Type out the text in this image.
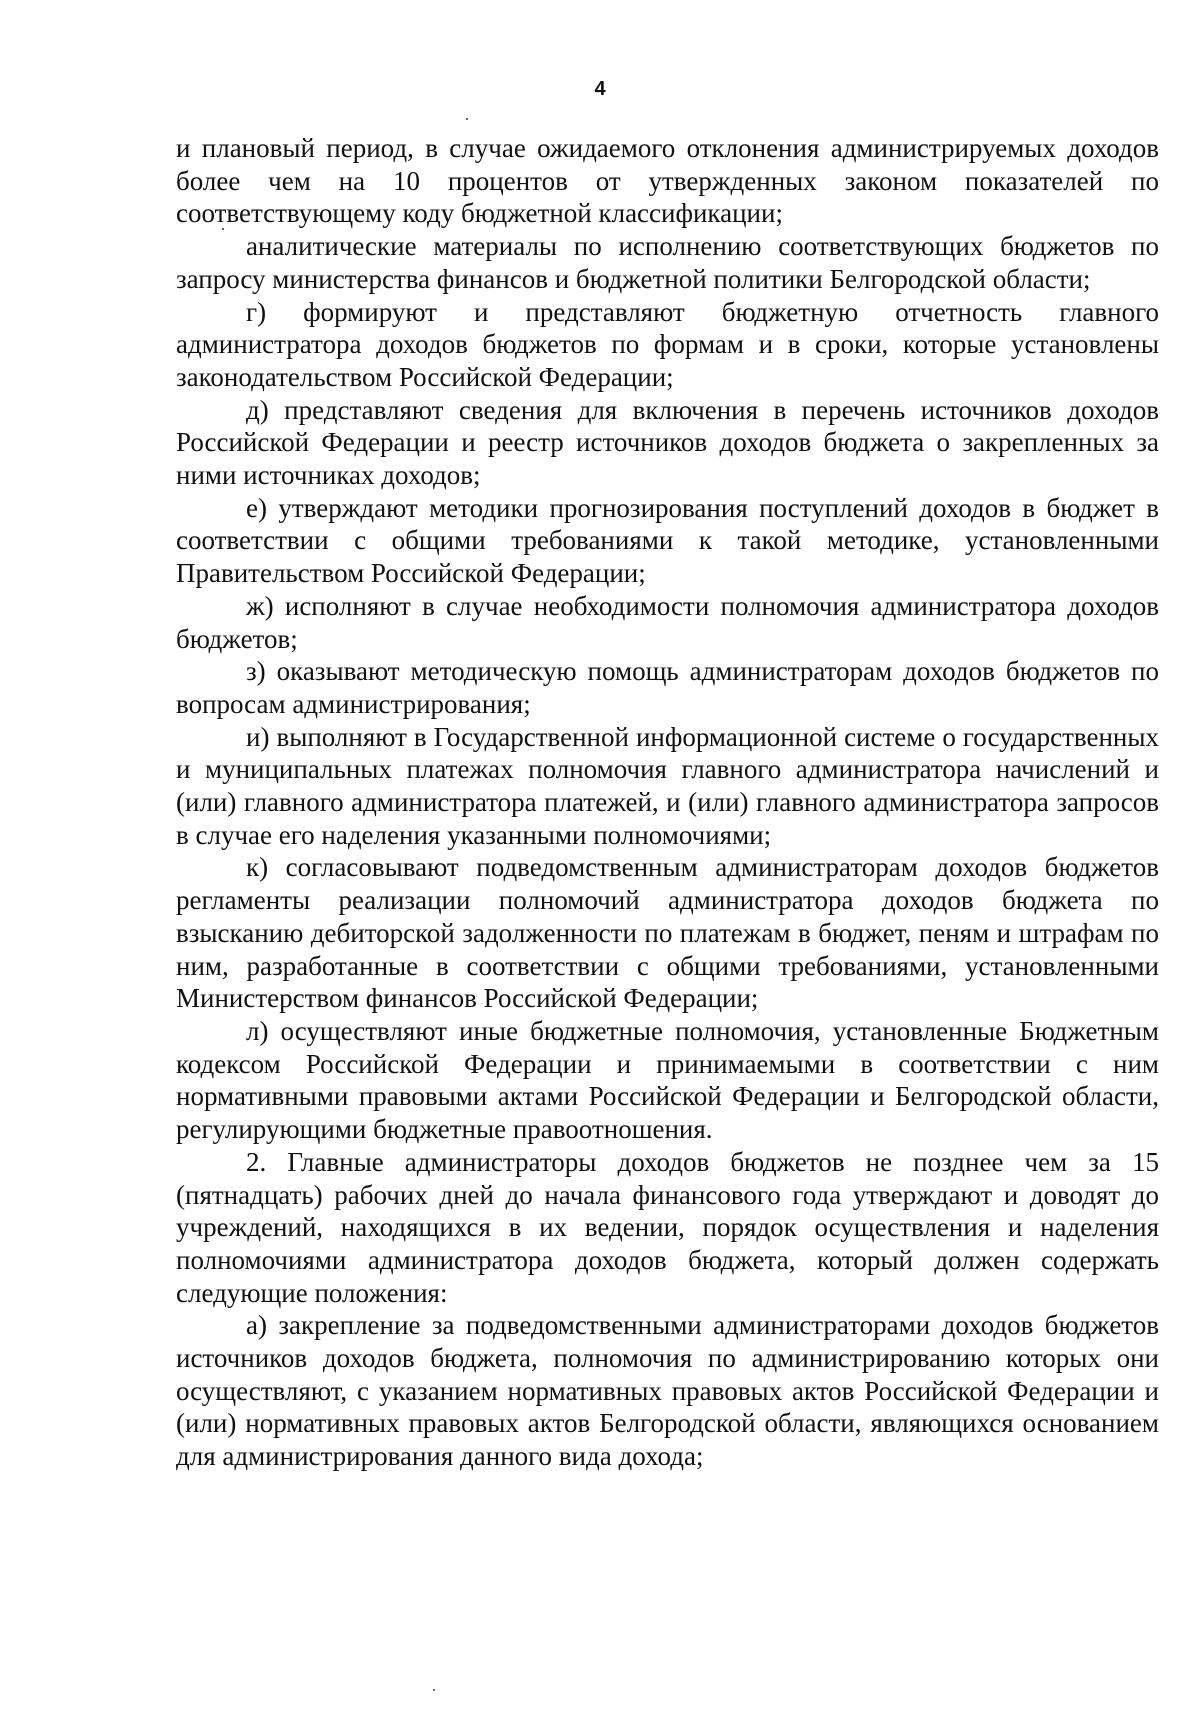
4

и плановый период, в случае ожидаемого отклонения администрируемых доходов более чем на 10 процентов от утвержденных законом показателей по соответствующему коду бюджетной классификации;

аналитические материалы по исполнению соответствующих бюджетов по запросу министерства финансов и бюджетной политики Белгородской области;

г) формируют и представляют бюджетную отчетность главного администратора доходов бюджетов по формам и в сроки, которые установлены законодательством Российской Федерации;

д) представляют сведения для включения в перечень источников доходов Российской Федерации и реестр источников доходов бюджета о закрепленных за ними источниках доходов;

е) утверждают методики прогнозирования поступлений доходов в бюджет в соответствии с общими требованиями к такой методике, установленными Правительством Российской Федерации;

ж) исполняют в случае необходимости полномочия администратора доходов бюджетов;

з) оказывают методическую помощь администраторам доходов бюджетов по вопросам администрирования;

и) выполняют в Государственной информационной системе о государственных и муниципальных платежах полномочия главного администратора начислений и (или) главного администратора платежей, и (или) главного администратора запросов в случае его наделения указанными полномочиями;

к) согласовывают подведомственным администраторам доходов бюджетов регламенты реализации полномочий администратора доходов бюджета по взысканию дебиторской задолженности по платежам в бюджет, пеням и штрафам по ним, разработанные в соответствии с общими требованиями, установленными Министерством финансов Российской Федерации;

л) осуществляют иные бюджетные полномочия, установленные Бюджетным кодексом Российской Федерации и принимаемыми в соответствии с ним нормативными правовыми актами Российской Федерации и Белгородской области, регулирующими бюджетные правоотношения.

2. Главные администраторы доходов бюджетов не позднее чем за 15 (пятнадцать) рабочих дней до начала финансового года утверждают и доводят до учреждений, находящихся в их ведении, порядок осуществления и наделения полномочиями администратора доходов бюджета, который должен содержать следующие положения:

а) закрепление за подведомственными администраторами доходов бюджетов источников доходов бюджета, полномочия по администрированию которых они осуществляют, с указанием нормативных правовых актов Российской Федерации и (или) нормативных правовых актов Белгородской области, являющихся основанием для администрирования данного вида дохода;
